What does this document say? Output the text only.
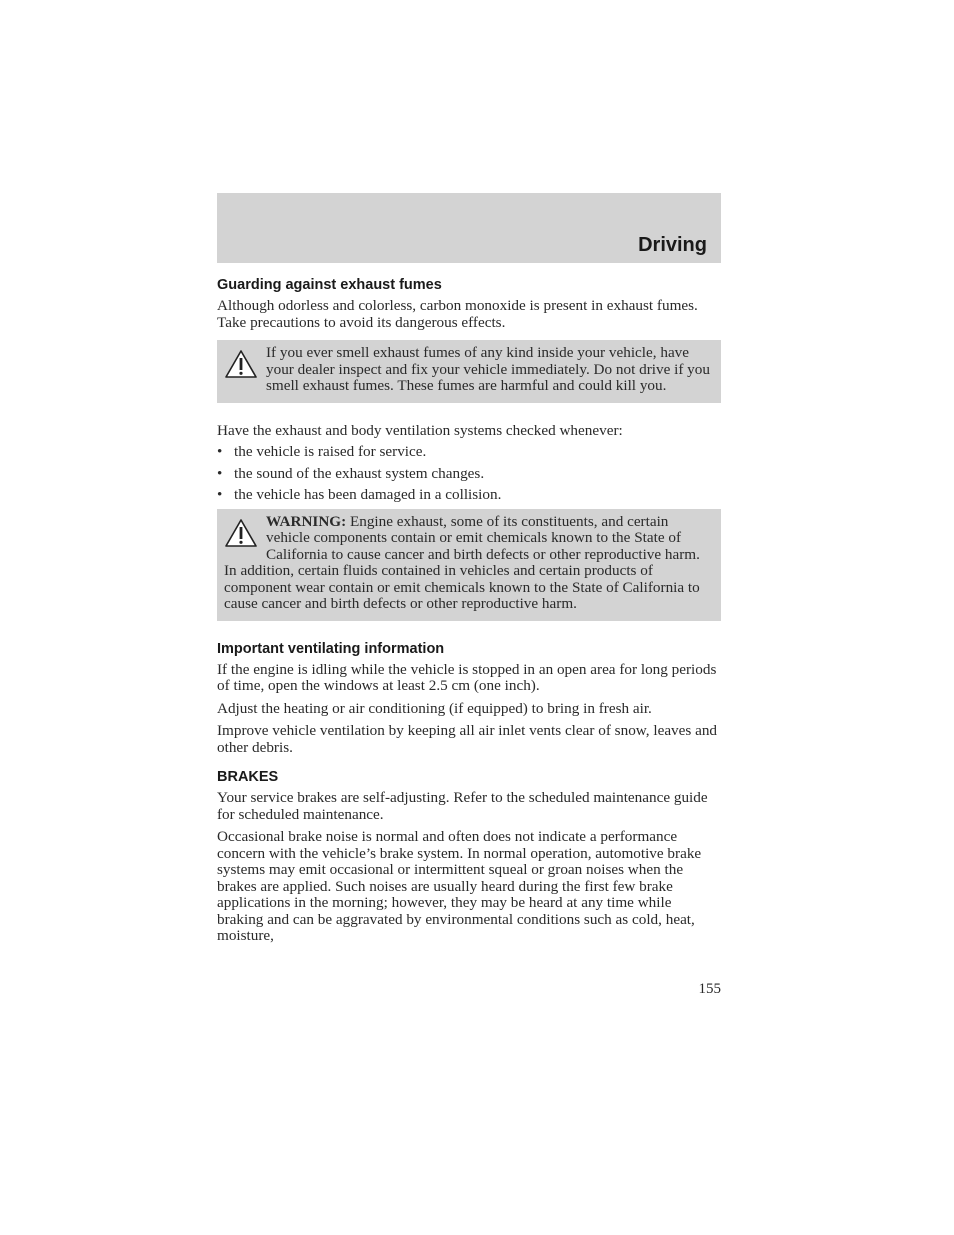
Driving
Guarding against exhaust fumes

Although odorless and colorless, carbon monoxide is present in exhaust fumes. Take precautions to avoid its dangerous effects.

If you ever smell exhaust fumes of any kind inside your vehicle, have your dealer inspect and fix your vehicle immediately. Do not drive if you smell exhaust fumes. These fumes are harmful and could kill you.

Have the exhaust and body ventilation systems checked whenever:

• the vehicle is raised for service.
• the sound of the exhaust system changes.
• the vehicle has been damaged in a collision.
WARNING: Engine exhaust, some of its constituents, and certain vehicle components contain or emit chemicals known to the State of California to cause cancer and birth defects or other reproductive harm. In addition, certain fluids contained in vehicles and certain products of component wear contain or emit chemicals known to the State of California to cause cancer and birth defects or other reproductive harm.
Important ventilating information

If the engine is idling while the vehicle is stopped in an open area for long periods of time, open the windows at least 2.5 cm (one inch).

Adjust the heating or air conditioning (if equipped) to bring in fresh air.

Improve vehicle ventilation by keeping all air inlet vents clear of snow, leaves and other debris.

BRAKES

Your service brakes are self-adjusting. Refer to the scheduled maintenance guide for scheduled maintenance.

Occasional brake noise is normal and often does not indicate a performance concern with the vehicle’s brake system. In normal operation, automotive brake systems may emit occasional or intermittent squeal or groan noises when the brakes are applied. Such noises are usually heard during the first few brake applications in the morning; however, they may be heard at any time while braking and can be aggravated by environmental conditions such as cold, heat, moisture,

155
